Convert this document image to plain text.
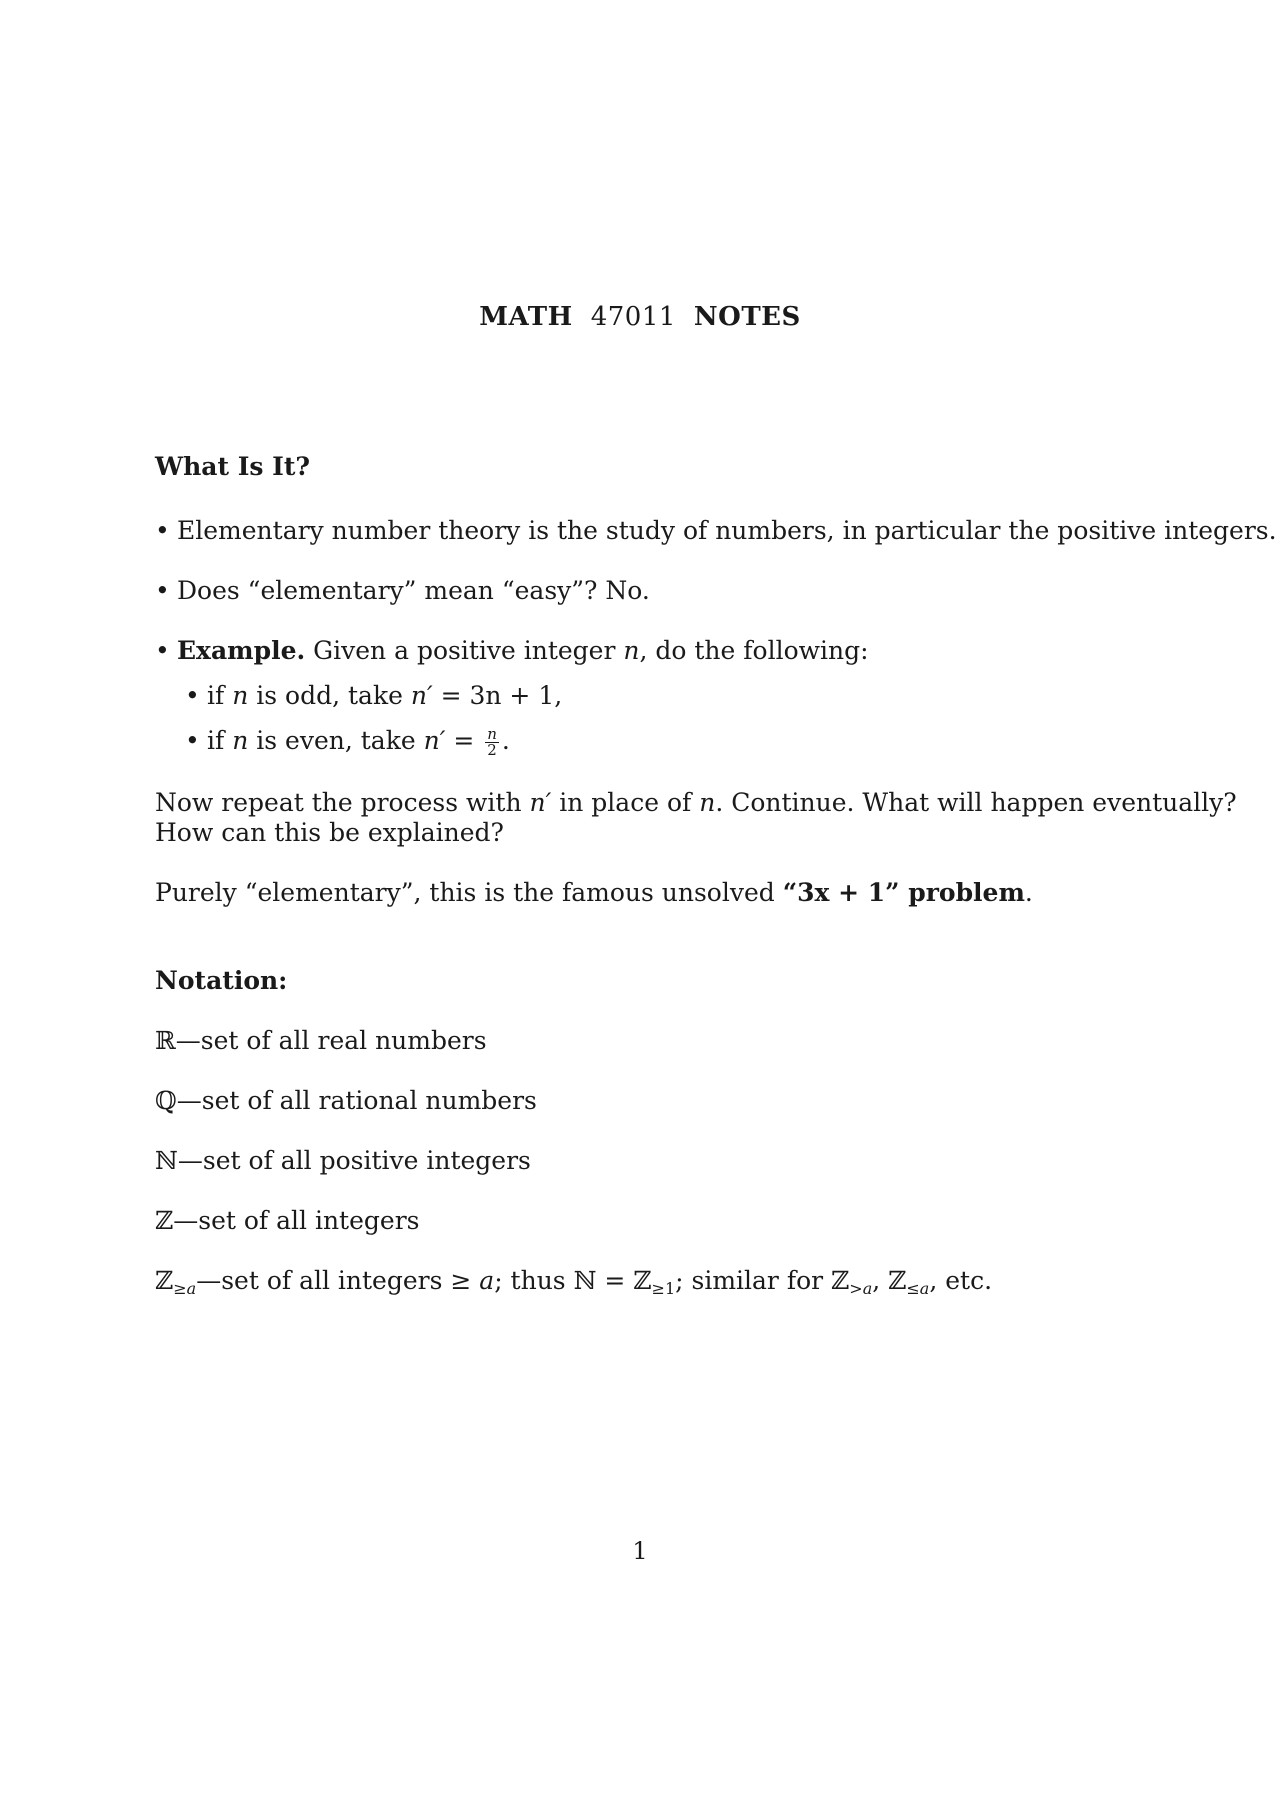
MATH 47011 NOTES
What Is It?
• Elementary number theory is the study of numbers, in particular the positive integers.
• Does “elementary” mean “easy”? No.
• Example. Given a positive integer n, do the following:
• if n is odd, take n′ = 3n + 1,
• if n is even, take $n' = \frac{n}{2}$ .
Now repeat the process with n′ in place of n. Continue. What will happen eventually?
How can this be explained?
Purely “elementary”, this is the famous unsolved “3x + 1” problem.
Notation:
ℝ—set of all real numbers
ℚ—set of all rational numbers
ℕ—set of all positive integers
ℤ—set of all integers
ℤ$_{\ge a}$—set of all integers ≥ a; thus ℕ = ℤ$_{\ge 1}$; similar for ℤ$_{>a}$, ℤ$_{\le a}$, etc.
1
